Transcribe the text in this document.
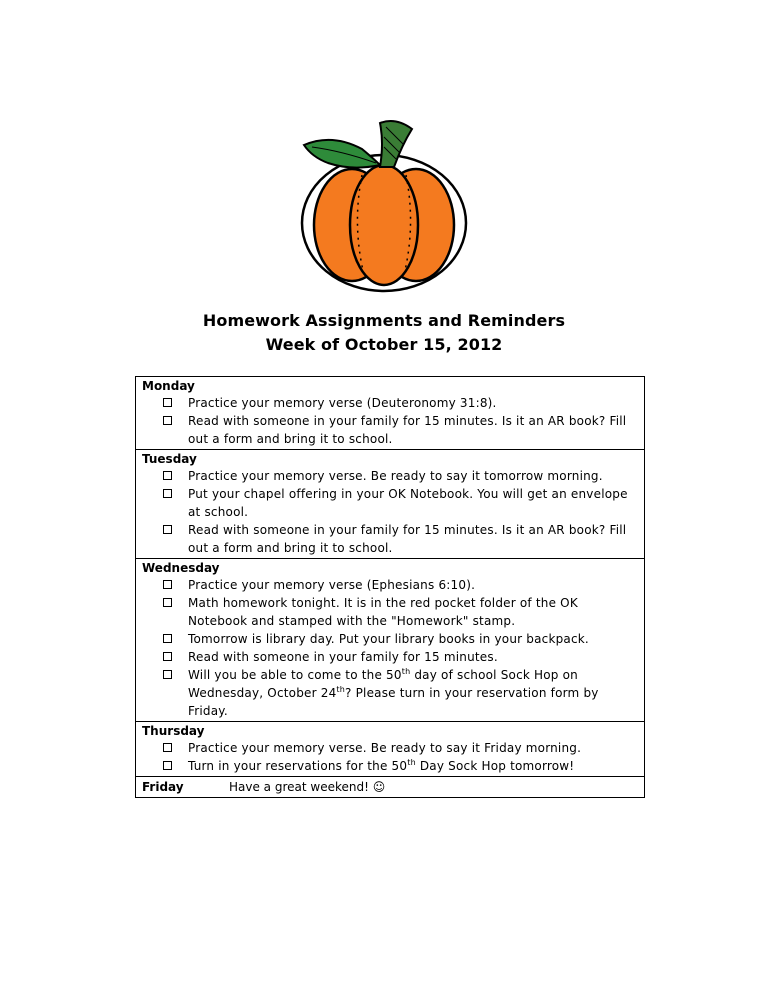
Homework Assignments and Reminders
Week of October 15, 2012
Monday
Practice your memory verse (Deuteronomy 31:8).
Read with someone in your family for 15 minutes. Is it an AR book? Fill out a form and bring it to school.
Tuesday
Practice your memory verse. Be ready to say it tomorrow morning.
Put your chapel offering in your OK Notebook. You will get an envelope at school.
Read with someone in your family for 15 minutes. Is it an AR book? Fill out a form and bring it to school.
Wednesday
Practice your memory verse (Ephesians 6:10).
Math homework tonight. It is in the red pocket folder of the OK Notebook and stamped with the "Homework" stamp.
Tomorrow is library day. Put your library books in your backpack.
Read with someone in your family for 15 minutes.
Will you be able to come to the 50th day of school Sock Hop on Wednesday, October 24th? Please turn in your reservation form by Friday.
Thursday
Practice your memory verse. Be ready to say it Friday morning.
Turn in your reservations for the 50th Day Sock Hop tomorrow!
Friday	Have a great weekend! ☺
